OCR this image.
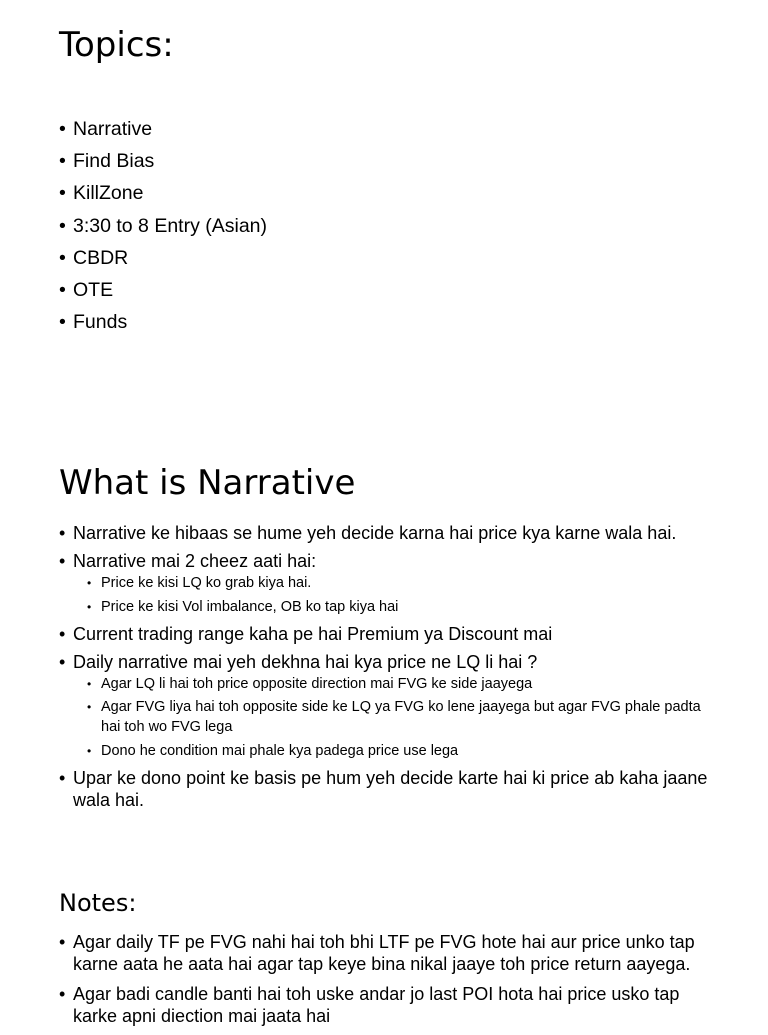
Topics:
• Narrative
• Find Bias
• KillZone
• 3:30 to 8 Entry (Asian)
• CBDR
• OTE
• Funds
What is Narrative
• Narrative ke hibaas se hume yeh decide karna hai price kya karne wala hai.
• Narrative mai 2 cheez aati hai:
• Price ke kisi LQ ko grab kiya hai.
• Price ke kisi Vol imbalance, OB ko tap kiya hai
• Current trading range kaha pe hai Premium ya Discount mai
• Daily narrative mai yeh dekhna hai kya price ne LQ li hai ?
• Agar LQ li hai toh price opposite direction mai FVG ke side jaayega
• Agar FVG liya hai toh opposite side ke LQ ya FVG ko lene jaayega but agar FVG phale padta hai toh wo FVG lega
• Dono he condition mai phale kya padega price use lega
• Upar ke dono point ke basis pe hum yeh decide karte hai ki price ab kaha jaane wala hai.
Notes:
• Agar daily TF pe FVG nahi hai toh bhi LTF pe FVG hote hai aur price unko tap karne aata he aata hai agar tap keye bina nikal jaaye toh price return aayega.
• Agar badi candle banti hai toh uske andar jo last POI hota hai price usko tap karke apni diection mai jaata hai
